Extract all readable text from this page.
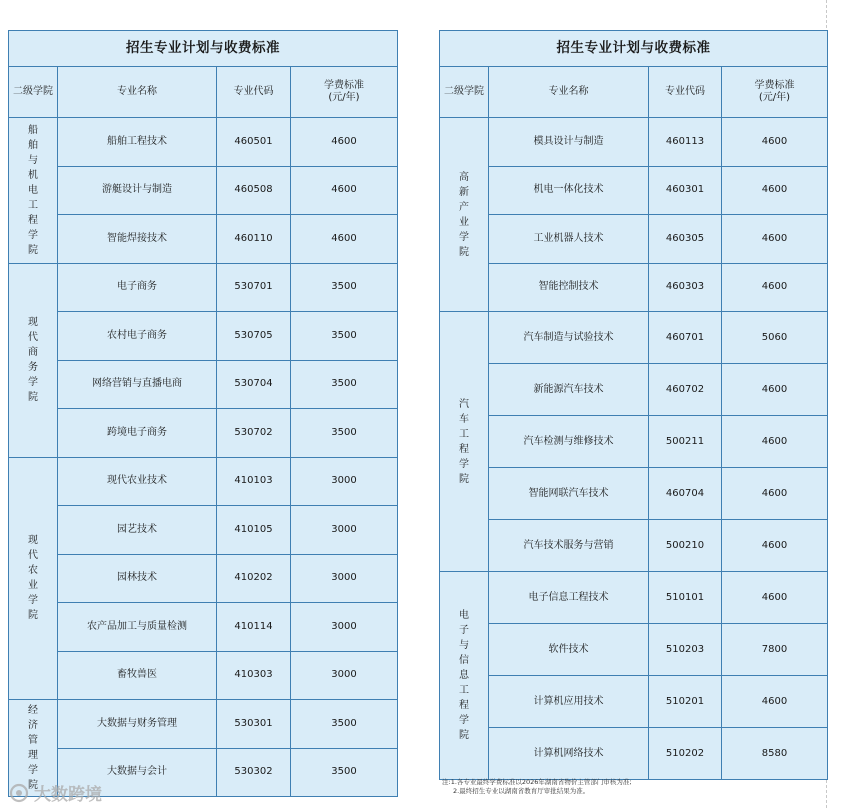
招生专业计划与收费标准			
二级学院	专业名称	专业代码	学费标准
(元/年)

船舶与机电工程学院	船舶工程技术	460501	4600
	游艇设计与制造	460508	4600
	智能焊接技术	460110	4600
现代商务学院	电子商务	530701	3500
	农村电子商务	530705	3500
	网络营销与直播电商	530704	3500
	跨境电子商务	530702	3500
现代农业学院	现代农业技术	410103	3000
	园艺技术	410105	3000
	园林技术	410202	3000
	农产品加工与质量检测	410114	3000
	畜牧兽医	410303	3000
经济管理学院	大数据与财务管理	530301	3500
	大数据与会计	530302	3500
招生专业计划与收费标准			
二级学院	专业名称	专业代码	学费标准
(元/年)

高新产业学院	模具设计与制造	460113	4600
	机电一体化技术	460301	4600
	工业机器人技术	460305	4600
	智能控制技术	460303	4600
汽车工程学院	汽车制造与试验技术	460701	5060
	新能源汽车技术	460702	4600
	汽车检测与维修技术	500211	4600
	智能网联汽车技术	460704	4600
	汽车技术服务与营销	500210	4600
电子与信息工程学院	电子信息工程技术	510101	4600
	软件技术	510203	7800
	计算机应用技术	510201	4600
	计算机网络技术	510202	8580
注:1.各专业最终学费标准以2026年湖南省物价主管部门审核为准;
2.最终招生专业以湖南省教育厅审批结果为准。
大数跨境
